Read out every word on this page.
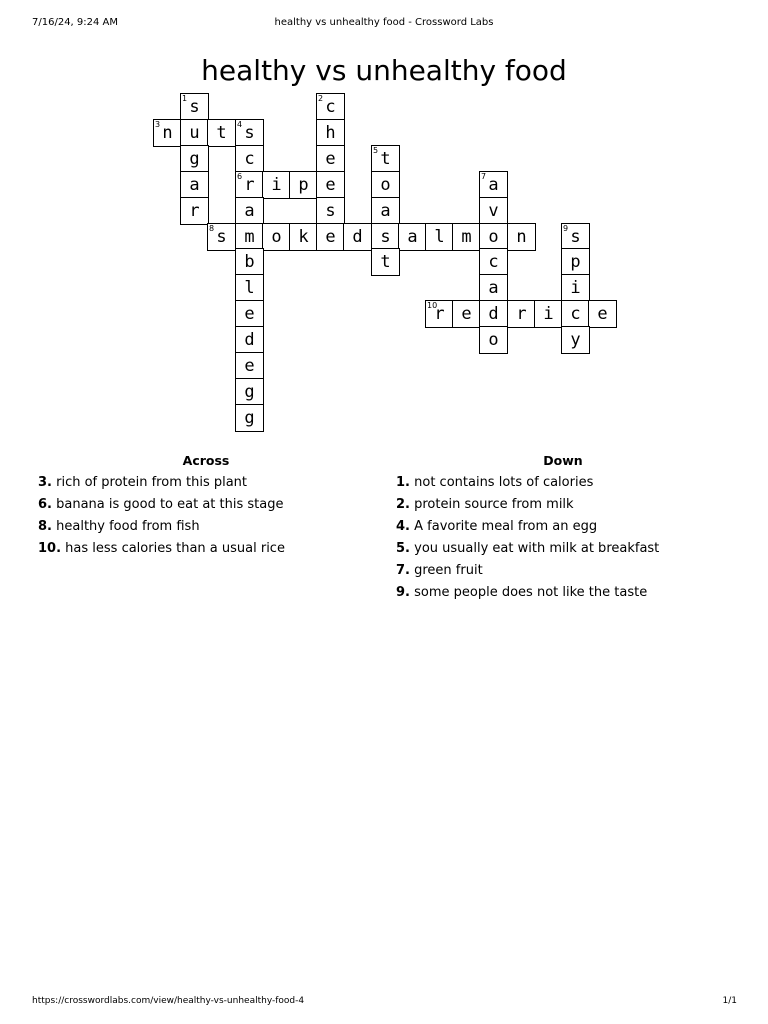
7/16/24, 9:24 AM	healthy vs unhealthy food - Crossword Labs
healthy vs unhealthy food
1 s	2 c
3 n u t	4 s	h
g	c	e	5 t
a	6 r i p e	o	7 a
r	a	s	a	v
8 s	m o k e d	s a l m o	n	9 s
b	t	c	p
l	a	i
e	10
r e d	r i c e
d	o	y
e
g
g
Across
3. rich of protein from this plant
6. banana is good to eat at this stage
8. healthy food from fish
10. has less calories than a usual rice
Down
1. not contains lots of calories
2. protein source from milk
4. A favorite meal from an egg
5. you usually eat with milk at breakfast
7. green fruit
9. some people does not like the taste
https://crosswordlabs.com/view/healthy-vs-unhealthy-food-4	1/1
